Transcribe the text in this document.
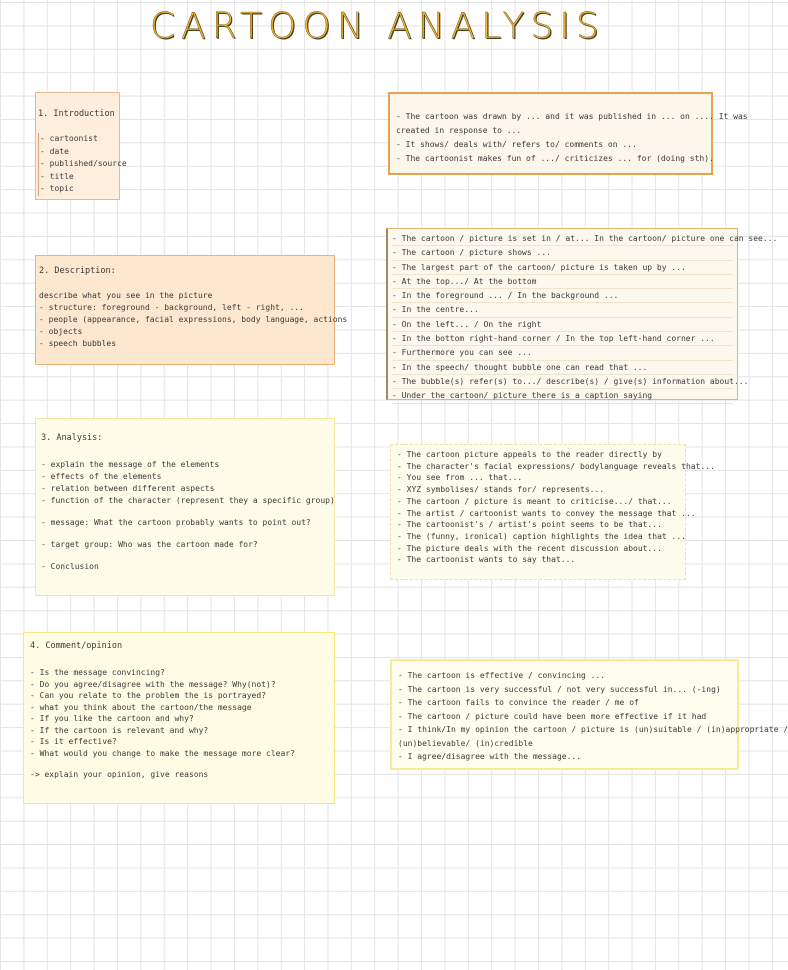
CARTOON ANALYSIS
1. Introduction
- cartoonist
- date
- published/source
- title
- topic
- The cartoon was drawn by ... and it was published in ... on .... It was
created in response to ...
- It shows/ deals with/ refers to/ comments on ...
- The cartoonist makes fun of .../ criticizes ... for (doing sth).
2. Description:
describe what you see in the picture
- structure: foreground - background, left - right, ...
- people (appearance, facial expressions, body language, actions
- objects
- speech bubbles
- The cartoon / picture is set in / at... In the cartoon/ picture one can see...
- The cartoon / picture shows ...
- The largest part of the cartoon/ picture is taken up by ...
- At the top.../ At the bottom
- In the foreground ... / In the background ...
- In the centre...
- On the left... / On the right
- In the bottom right-hand corner / In the top left-hand corner ...
- Furthermore you can see ...
- In the speech/ thought bubble one can read that ...
- The bubble(s) refer(s) to.../ describe(s) / give(s) information about...
- Under the cartoon/ picture there is a caption saying
3. Analysis:
- explain the message of the elements
- effects of the elements
- relation between different aspects
- function of the character (represent they a specific group)
- message: What the cartoon probably wants to point out?
- target group: Who was the cartoon made for?
- Conclusion
- The cartoon picture appeals to the reader directly by
- The character's facial expressions/ bodylanguage reveals that...
- You see from ... that...
- XYZ symbolises/ stands for/ represents...
- The cartoon / picture is meant to criticise.../ that...
- The artist / cartoonist wants to convey the message that ...
- The cartoonist's / artist's point seems to be that...
- The (funny, ironical) caption highlights the idea that ...
- The picture deals with the recent discussion about...
- The cartoonist wants to say that...
4. Comment/opinion
- Is the message convincing?
- Do you agree/disagree with the message? Why(not)?
- Can you relate to the problem the is portrayed?
- what you think about the cartoon/the message
- If you like the cartoon and why?
- If the cartoon is relevant and why?
- Is it effective?
- What would you change to make the message more clear?
-> explain your opinion, give reasons
- The cartoon is effective / convincing ...
- The cartoon is very successful / not very successful in... (-ing)
- The cartoon fails to convince the reader / me of
- The cartoon / picture could have been more effective if it had
- I think/In my opinion the cartoon / picture is (un)suitable / (in)appropriate /
(un)believable/ (in)credible
- I agree/disagree with the message...
